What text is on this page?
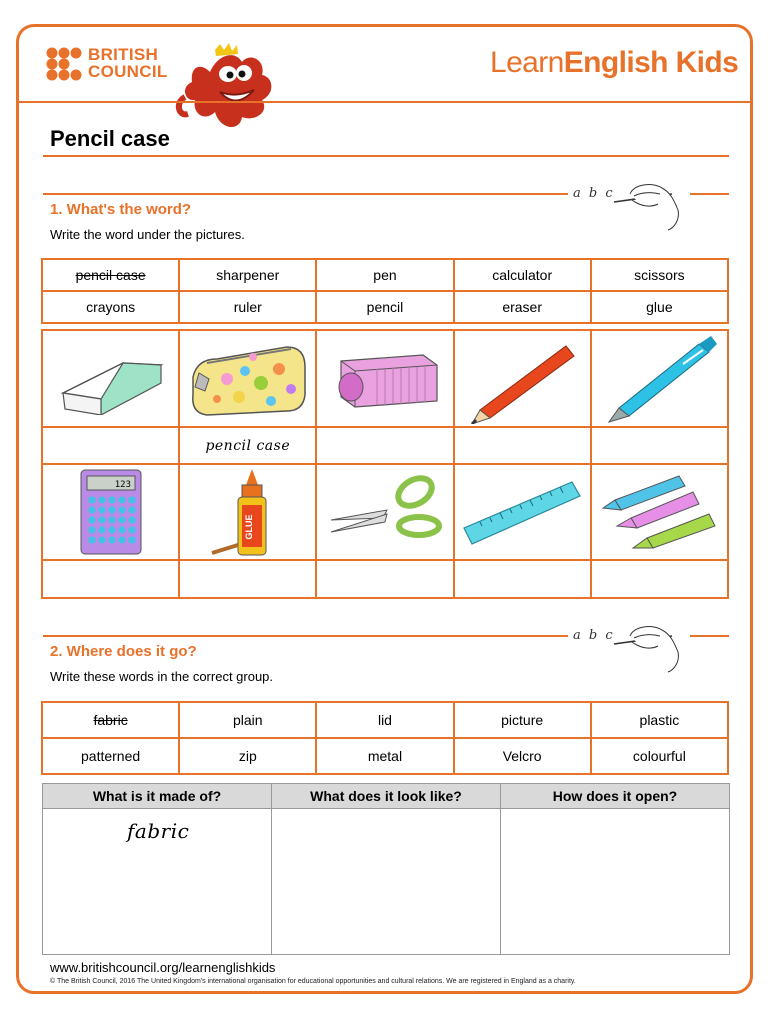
BRITISH
COUNCIL	LearnEnglish Kids
Pencil case
a b c
1. What's the word?
Write the word under the pictures.
pencil case	sharpener	pen	calculator	scissors
crayons	ruler	pencil	eraser	glue

	pencil case			

123	GLUE

a b c
2. Where does it go?
Write these words in the correct group.
fabric	plain	lid	picture	plastic
patterned	zip	metal	Velcro	colourful
What is it made of?	What does it look like?	How does it open?

fabric		

www.britishcouncil.org/learnenglishkids
© The British Council, 2016 The United Kingdom's international organisation for educational opportunities and cultural relations. We are registered in England as a charity.
